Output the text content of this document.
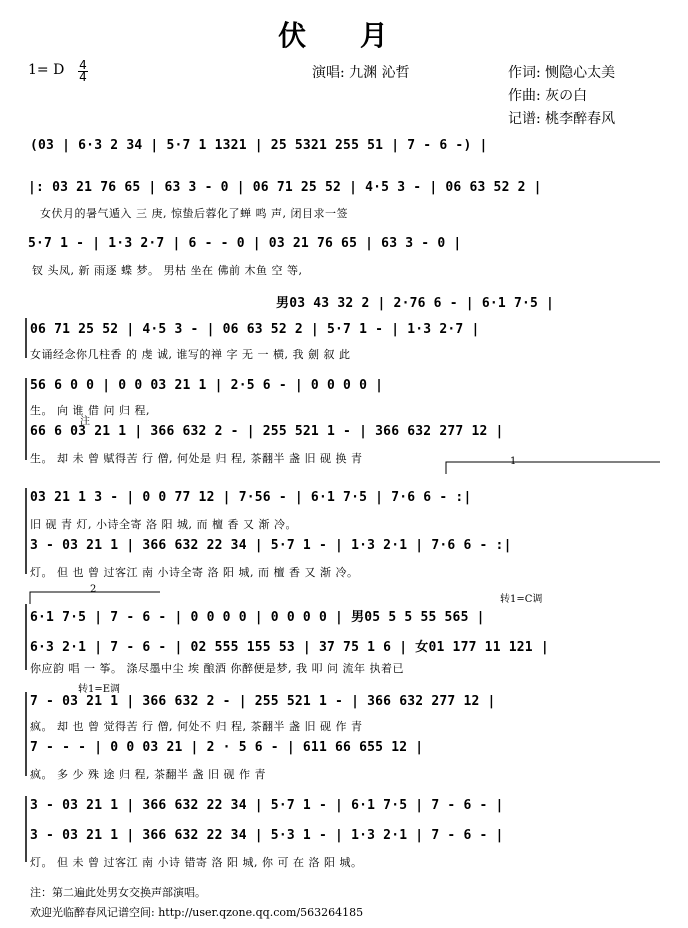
伏 月
1= D 4
4	演唱: 九渊 沁哲	作词: 恻隐心太美
作曲: 灰の白
记谱: 桃李醉春风
(03 | 6·3 2 34 | 5·7 1 1321 | 25 5321 255 51 | 7 - 6 -) |
|: 03 21 76 65 | 63 3 - 0 | 06 71 25 52 | 4·5 3 - | 06 63 52 2 |
女伏月的暑气遁入 三 庚, 惊蛰后蓉化了蝉 鸣 声, 闭目求一签
5·7 1 - | 1·3 2·7 | 6 - - 0 | 03 21 76 65 | 63 3 - 0 |
钗 头凤, 新 雨逐 蝶 梦。 男枯 坐在 佛前 木鱼 空 等,
男03 43 32 2 | 2·76 6 - | 6·1 7·5 |
06 71 25 52 | 4·5 3 - | 06 63 52 2 | 5·7 1 - | 1·3 2·7 |
女诵经念你几柱香 的 虔 诚, 谁写的禅 字 无 一 横, 我 劍 叙 此
56 6 0 0 | 0 0 03 21 1 | 2·5 6 - | 0 0 0 0 |
生。 向 谁 借 问 归 程,
66 6 03 21 1 | 366 632 2 - | 255 521 1 - | 366 632 277 12 |
生。 却 未 曾 赋得苦 行 僧, 何处是 归 程, 茶翻半 盏 旧 砚 换 青
注
1
03 21 1 3 - | 0 0 77 12 | 7·56 - | 6·1 7·5 | 7·6 6 - :|
旧 砚 青 灯, 小诗全寄 洛 阳 城, 而 檀 香 又 渐 冷。
3 - 03 21 1 | 366 632 22 34 | 5·7 1 - | 1·3 2·1 | 7·6 6 - :|
灯。 但 也 曾 过客江 南 小诗全寄 洛 阳 城, 而 檀 香 又 渐 冷。
2
转1=C调
6·1 7·5 | 7 - 6 - | 0 0 0 0 | 0 0 0 0 | 男05 5 5 55 565 |
6·3 2·1 | 7 - 6 - | 02 555 155 53 | 37 75 1 6 | 女01 177 11 121 |
你应韵 唱 一 筝。 涤尽墨中尘 埃 酿酒 你醉便是梦, 我 叩 问 流年 执着已
转1=E调
7 - 03 21 1 | 366 632 2 - | 255 521 1 - | 366 632 277 12 |
疯。 却 也 曾 觉得苦 行 僧, 何处不 归 程, 茶翻半 盏 旧 砚 作 青
7 - - - | 0 0 03 21 | 2 · 5 6 - | 611 66 655 12 |
疯。 多 少 殊 途 归 程, 茶翻半 盏 旧 砚 作 青
3 - 03 21 1 | 366 632 22 34 | 5·7 1 - | 6·1 7·5 | 7 - 6 - |
3 - 03 21 1 | 366 632 22 34 | 5·3 1 - | 1·3 2·1 | 7 - 6 - |
灯。 但 未 曾 过客江 南 小诗 错寄 洛 阳 城, 你 可 在 洛 阳 城。
注：第二遍此处男女交换声部演唱。
欢迎光临醉春风记谱空间: http://user.qzone.qq.com/563264185
